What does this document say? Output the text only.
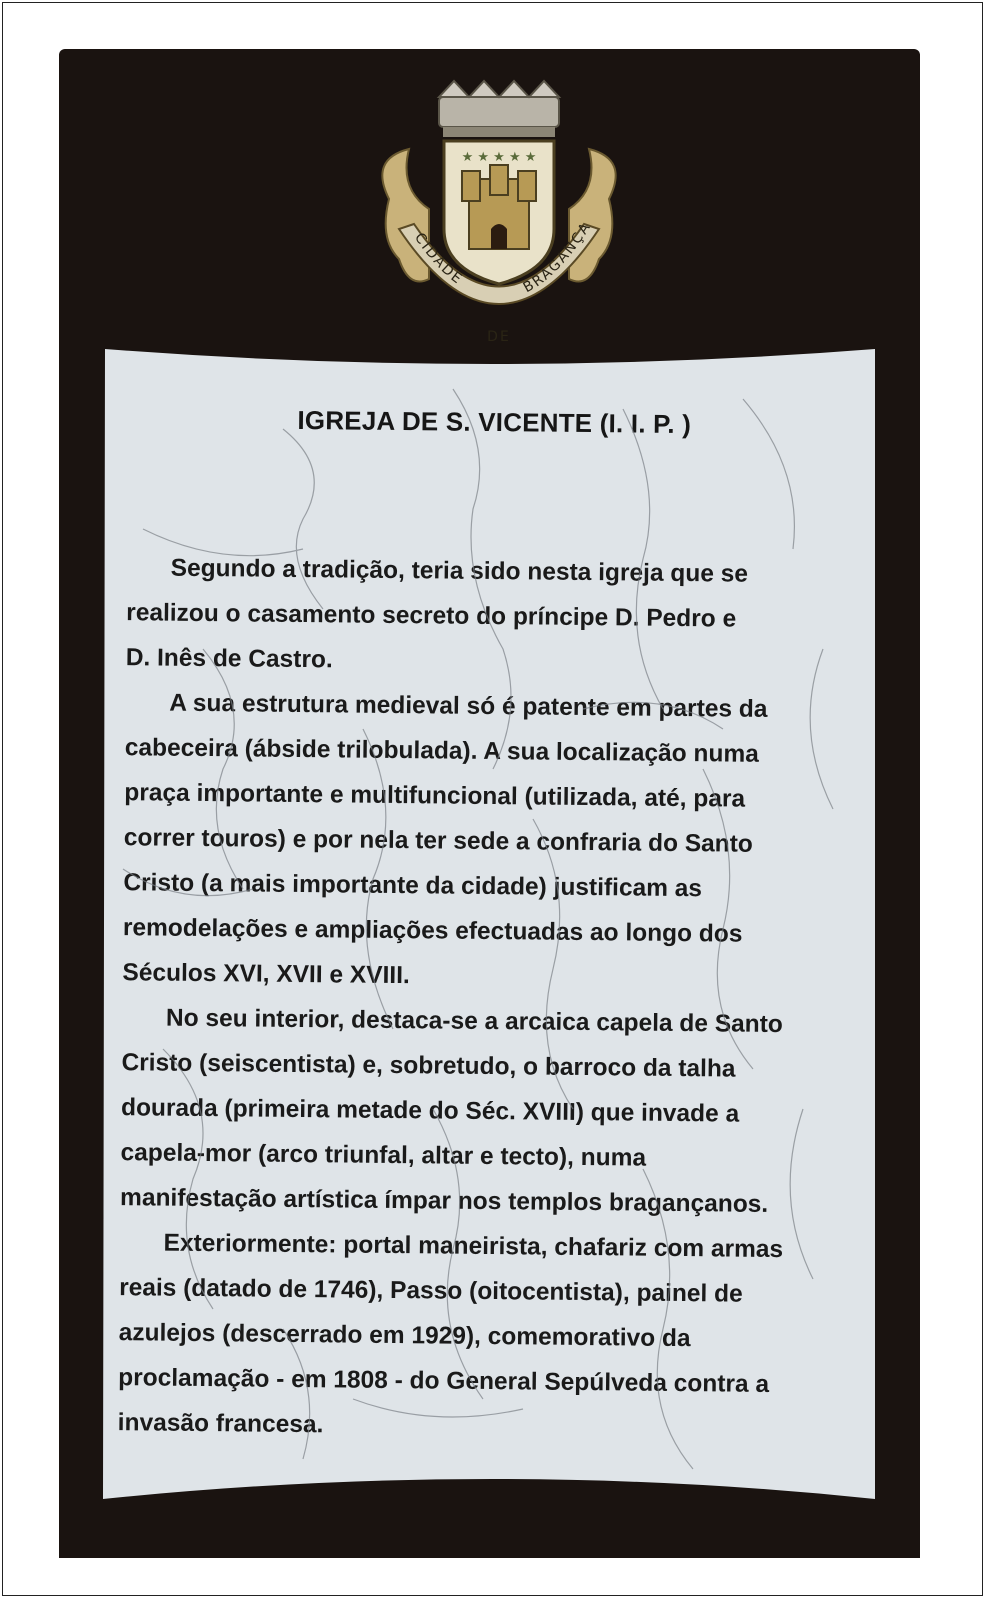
★ ★ ★ ★ ★
CIDADE
DE
BRAGANÇA
IGREJA DE S. VICENTE (I. I. P. )

Segundo a tradição, teria sido nesta igreja que se
realizou o casamento secreto do príncipe D. Pedro e
D. Inês de Castro.

A sua estrutura medieval só é patente em partes da
cabeceira (ábside trilobulada). A sua localização numa
praça importante e multifuncional (utilizada, até, para
correr touros) e por nela ter sede a confraria do Santo
Cristo (a mais importante da cidade) justificam as
remodelações e ampliações efectuadas ao longo dos
Séculos XVI, XVII e XVIII.

No seu interior, destaca-se a arcaica capela de Santo
Cristo (seiscentista) e, sobretudo, o barroco da talha
dourada (primeira metade do Séc. XVIII) que invade a
capela-mor (arco triunfal, altar e tecto), numa
manifestação artística ímpar nos templos bragançanos.

Exteriormente: portal maneirista, chafariz com armas
reais (datado de 1746), Passo (oitocentista), painel de
azulejos (descerrado em 1929), comemorativo da
proclamação - em 1808 - do General Sepúlveda contra a
invasão francesa.
